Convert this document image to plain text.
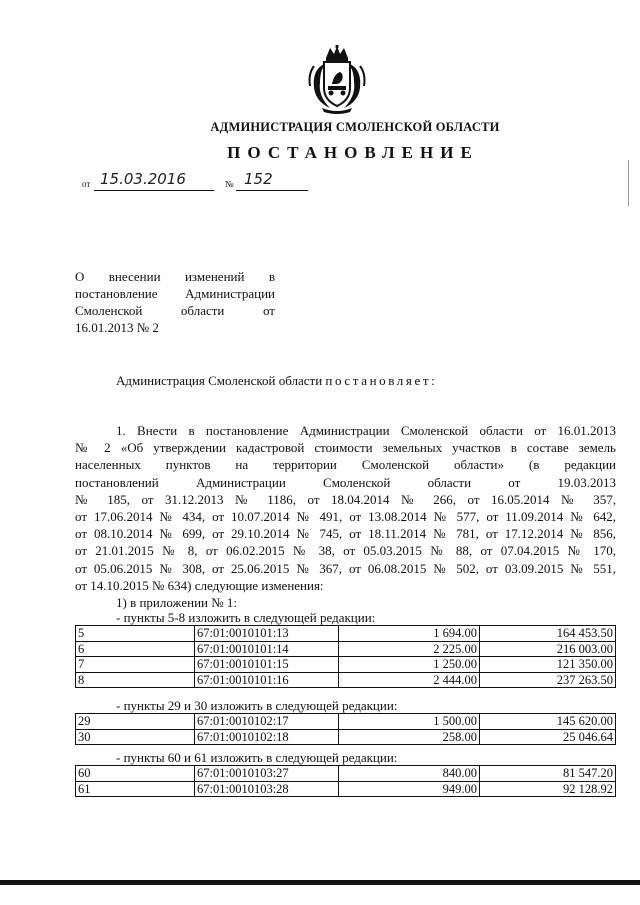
АДМИНИСТРАЦИЯ СМОЛЕНСКОЙ ОБЛАСТИ
ПОСТАНОВЛЕНИЕ
от 15.03.2016	№ 152
О внесении изменений в
постановление Администрации
Смоленской области от
16.01.2013 № 2
Администрация Смоленской области постановляет:
1. Внести в постановление Администрации Смоленской области от 16.01.2013
№ 2 «Об утверждении кадастровой стоимости земельных участков в составе земель
населенных пунктов на территории Смоленской области» (в редакции
постановлений Администрации Смоленской области от 19.03.2013
№ 185, от 31.12.2013 № 1186, от 18.04.2014 № 266, от 16.05.2014 № 357,
от 17.06.2014 № 434, от 10.07.2014 № 491, от 13.08.2014 № 577, от 11.09.2014 № 642,
от 08.10.2014 № 699, от 29.10.2014 № 745, от 18.11.2014 № 781, от 17.12.2014 № 856,
от 21.01.2015 № 8, от 06.02.2015 № 38, от 05.03.2015 № 88, от 07.04.2015 № 170,
от 05.06.2015 № 308, от 25.06.2015 № 367, от 06.08.2015 № 502, от 03.09.2015 № 551,
от 14.10.2015 № 634) следующие изменения:
1) в приложении № 1:
- пункты 5-8 изложить в следующей редакции:
5	67:01:0010101:13	1 694.00	164 453.50
6	67:01:0010101:14	2 225.00	216 003.00
7	67:01:0010101:15	1 250.00	121 350.00
8	67:01:0010101:16	2 444.00	237 263.50
- пункты 29 и 30 изложить в следующей редакции:
29	67:01:0010102:17	1 500.00	145 620.00
30	67:01:0010102:18	258.00	25 046.64
- пункты 60 и 61 изложить в следующей редакции:
60	67:01:0010103:27	840.00	81 547.20
61	67:01:0010103:28	949.00	92 128.92
